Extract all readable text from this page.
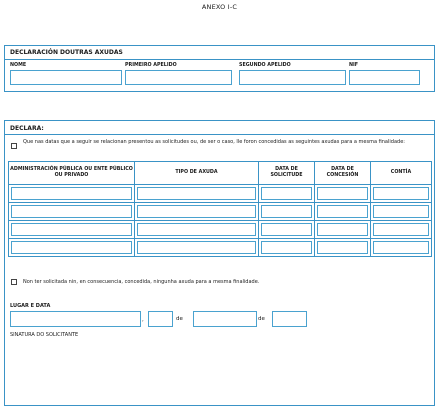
ANEXO I-C
DECLARACIÓN DOUTRAS AXUDAS
NOME	PRIMEIRO APELIDO	SEGUNDO APELIDO	NIF
DECLARA:
Que nas datas que a seguir se relacionan presentou as solicitudes ou, de ser o caso, lle foron concedidas as seguintes axudas para a mesma finalidade:
ADMINISTRACIÓN PÚBLICA OU ENTE PÚBLICO OU PRIVADO	TIPO DE AXUDA	DATA DE SOLICITUDE	DATA DE CONCESIÓN	CONTÍA

Non ter solicitada nin, en consecuencia, concedida, ningunha axuda para a mesma finalidade.
LUGAR E DATA
,	de	de
SINATURA DO SOLICITANTE
